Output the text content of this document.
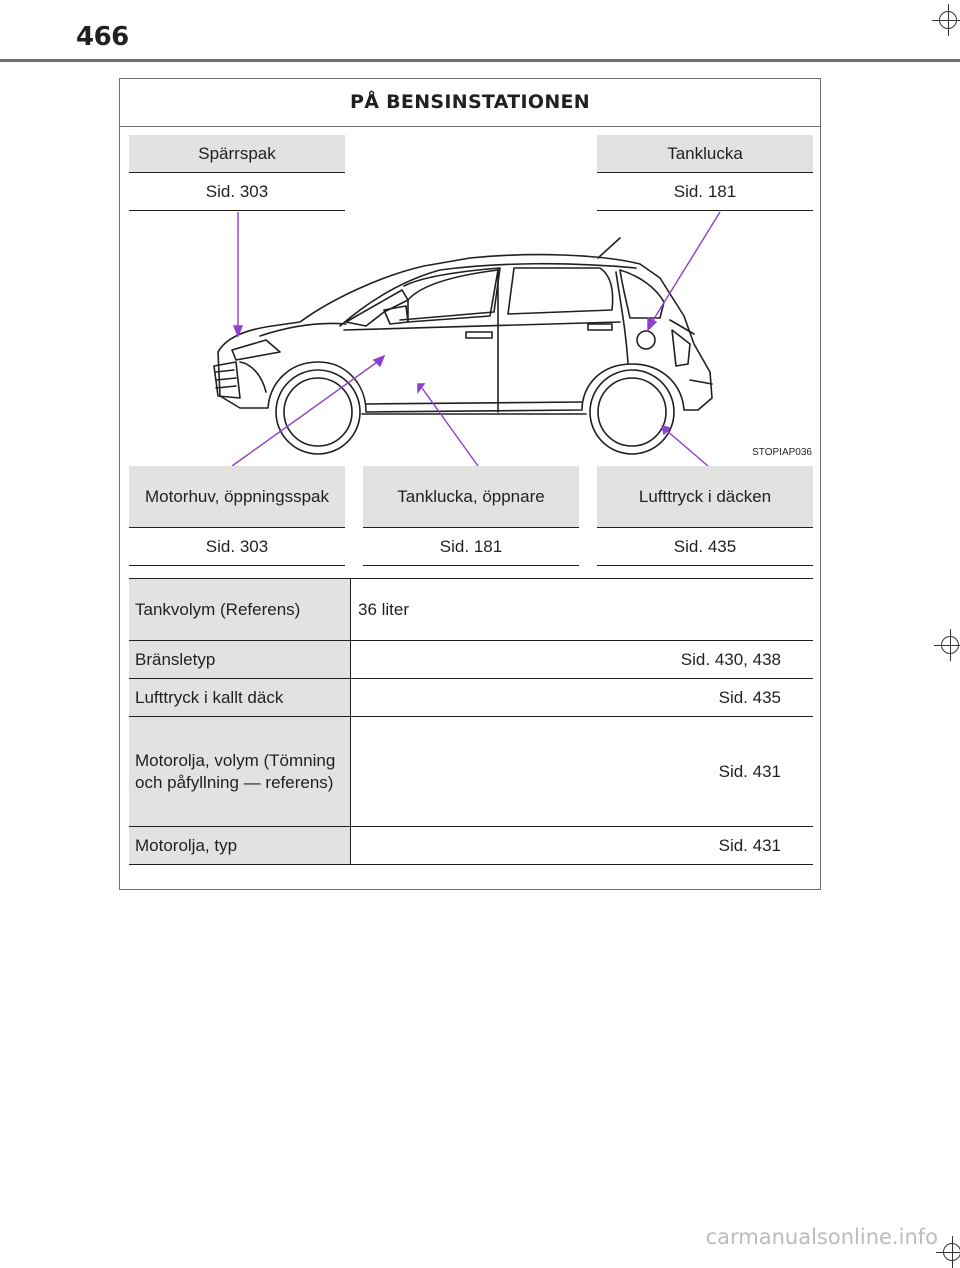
466
PÅ BENSINSTATIONEN
Spärrspak
Sid. 303
Tanklucka
Sid. 181
STOPIAP036
Motorhuv, öppningsspak
Sid. 303
Tanklucka, öppnare
Sid. 181
Lufttryck i däcken
Sid. 435
Tankvolym (Referens)	36 liter
Bränsletyp	Sid. 430, 438
Lufttryck i kallt däck	Sid. 435
Motorolja, volym (Tömning och påfyllning — referens)	Sid. 431
Motorolja, typ	Sid. 431
carmanualsonline.info
